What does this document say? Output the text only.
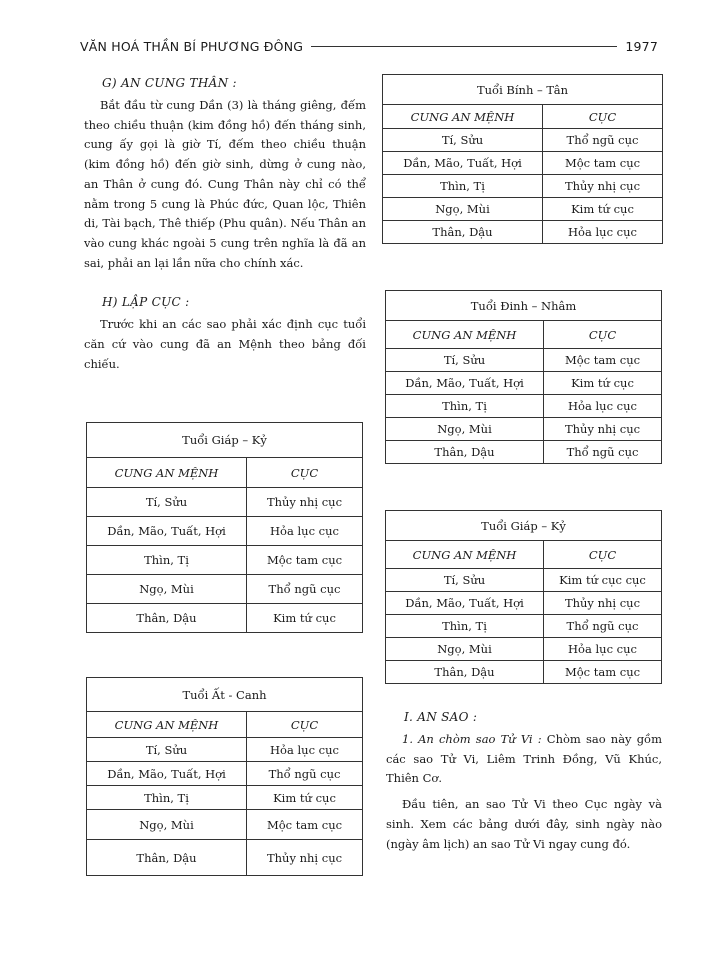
VĂN HOÁ THẦN BÍ PHƯƠNG ĐÔNG	1977
G) AN CUNG THÂN :

Bắt đầu từ cung Dần (3) là tháng giêng, đếm theo chiều thuận (kim đồng hồ) đến tháng sinh, cung ấy gọi là giờ Tí, đếm theo chiều thuận (kim đồng hồ) đến giờ sinh, dừng ở cung nào, an Thân ở cung đó. Cung Thân này chỉ có thể nằm trong 5 cung là Phúc đức, Quan lộc, Thiên di, Tài bạch, Thê thiếp (Phu quân). Nếu Thân an vào cung khác ngoài 5 cung trên nghĩa là đã an sai, phải an lại lần nữa cho chính xác.

H) LẬP CỤC :

Trước khi an các sao phải xác định cục tuổi căn cứ vào cung đã an Mệnh theo bảng đối chiếu.

Tuổi Giáp – Kỷ	
CUNG AN MỆNH	CỤC
Tí, Sửu	Thủy nhị cục
Dần, Mão, Tuất, Hợi	Hỏa lục cục
Thìn, Tị	Mộc tam cục
Ngọ, Mùi	Thổ ngũ cục
Thân, Dậu	Kim tứ cục
Tuổi Ất - Canh	
CUNG AN MỆNH	CỤC
Tí, Sửu	Hỏa lục cục
Dần, Mão, Tuất, Hợi	Thổ ngũ cục
Thìn, Tị	Kim tứ cục
Ngọ, Mùi	Mộc tam cục
Thân, Dậu	Thủy nhị cục
Tuổi Bính – Tân	
CUNG AN MỆNH	CỤC
Tí, Sửu	Thổ ngũ cục
Dần, Mão, Tuất, Hợi	Mộc tam cục
Thìn, Tị	Thủy nhị cục
Ngọ, Mùi	Kim tứ cục
Thân, Dậu	Hỏa lục cục
Tuổi Đinh – Nhâm	
CUNG AN MỆNH	CỤC
Tí, Sửu	Mộc tam cục
Dần, Mão, Tuất, Hợi	Kim tứ cục
Thìn, Tị	Hỏa lục cục
Ngọ, Mùi	Thủy nhị cục
Thân, Dậu	Thổ ngũ cục
Tuổi Giáp – Kỷ	
CUNG AN MỆNH	CỤC
Tí, Sửu	Kim tứ cục cục
Dần, Mão, Tuất, Hợi	Thủy nhị cục
Thìn, Tị	Thổ ngũ cục
Ngọ, Mùi	Hỏa lục cục
Thân, Dậu	Mộc tam cục
I. AN SAO :

1. An chòm sao Tử Vi : Chòm sao này gồm các sao Tử Vi, Liêm Trinh Đồng, Vũ Khúc, Thiên Cơ.

Đầu tiên, an sao Tử Vi theo Cục ngày và sinh. Xem các bảng dưới đây, sinh ngày nào (ngày âm lịch) an sao Tử Vi ngay cung đó.
